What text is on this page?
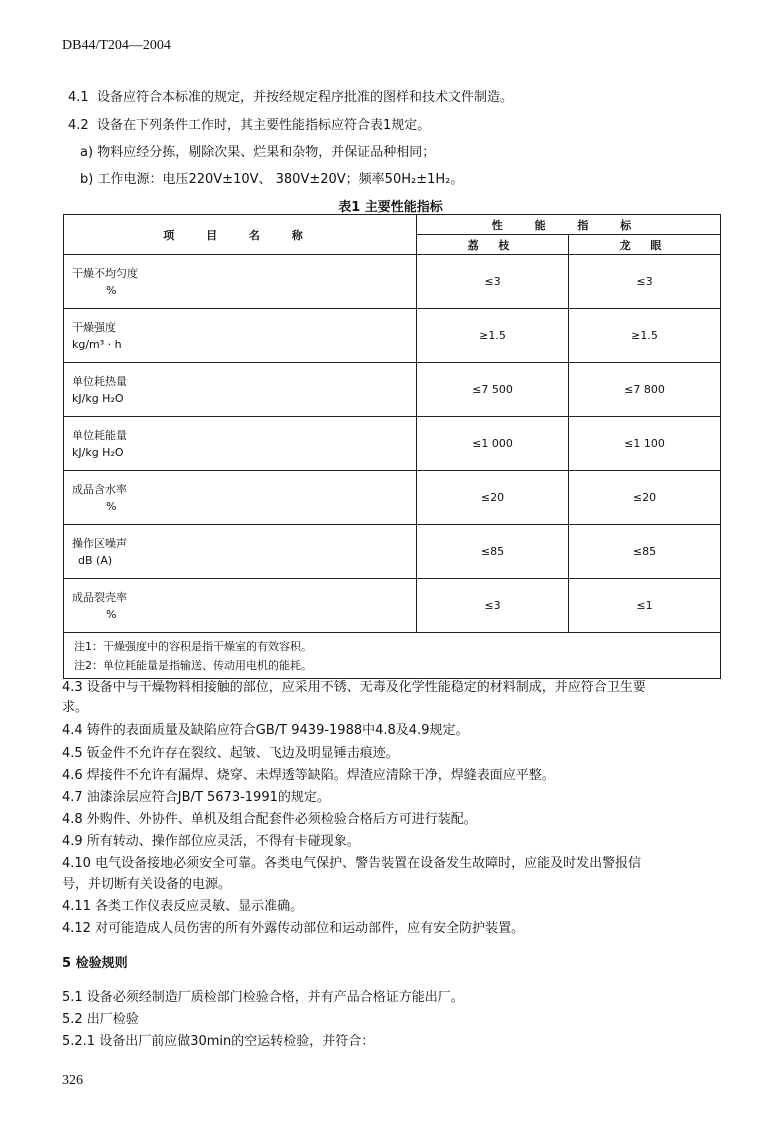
DB44/T204—2004
4.1 设备应符合本标准的规定，并按经规定程序批准的图样和技术文件制造。
4.2 设备在下列条件工作时，其主要性能指标应符合表1规定。
a) 物料应经分拣，剔除次果、烂果和杂物，并保证品种相同；
b) 工作电源：电压220V±10V、 380V±20V；频率50H₂±1H₂。
表1 主要性能指标
项 目 名 称	性 能 指 标	
	荔 枝	龙 眼

干燥不均匀度
%	≤3	≤3

干燥强度
kg/m³ · h	≥1.5	≥1.5

单位耗热量
kJ/kg H₂O	≤7 500	≤7 800

单位耗能量
kJ/kg H₂O	≤1 000	≤1 100

成品含水率
%	≤20	≤20

操作区噪声
dB (A)	≤85	≤85

成品裂壳率
%	≤3	≤1

注1：干燥强度中的容积是指干燥室的有效容积。
注2：单位耗能量是指输送、传动用电机的能耗。		
4.3 设备中与干燥物料相接触的部位，应采用不锈、无毒及化学性能稳定的材料制成，并应符合卫生要
求。
4.4 铸件的表面质量及缺陷应符合GB/T 9439-1988中4.8及4.9规定。
4.5 钣金件不允许存在裂纹、起皱、飞边及明显锤击痕迹。
4.6 焊接件不允许有漏焊、烧穿、未焊透等缺陷。焊渣应清除干净，焊缝表面应平整。
4.7 油漆涂层应符合JB/T 5673-1991的规定。
4.8 外购件、外协件、单机及组合配套件必须检验合格后方可进行装配。
4.9 所有转动、操作部位应灵活，不得有卡碰现象。
4.10 电气设备接地必须安全可靠。各类电气保护、警告装置在设备发生故障时，应能及时发出警报信
号，并切断有关设备的电源。
4.11 各类工作仪表反应灵敏、显示准确。
4.12 对可能造成人员伤害的所有外露传动部位和运动部件，应有安全防护装置。
5 检验规则
5.1 设备必须经制造厂质检部门检验合格，并有产品合格证方能出厂。
5.2 出厂检验
5.2.1 设备出厂前应做30min的空运转检验，并符合：
326
